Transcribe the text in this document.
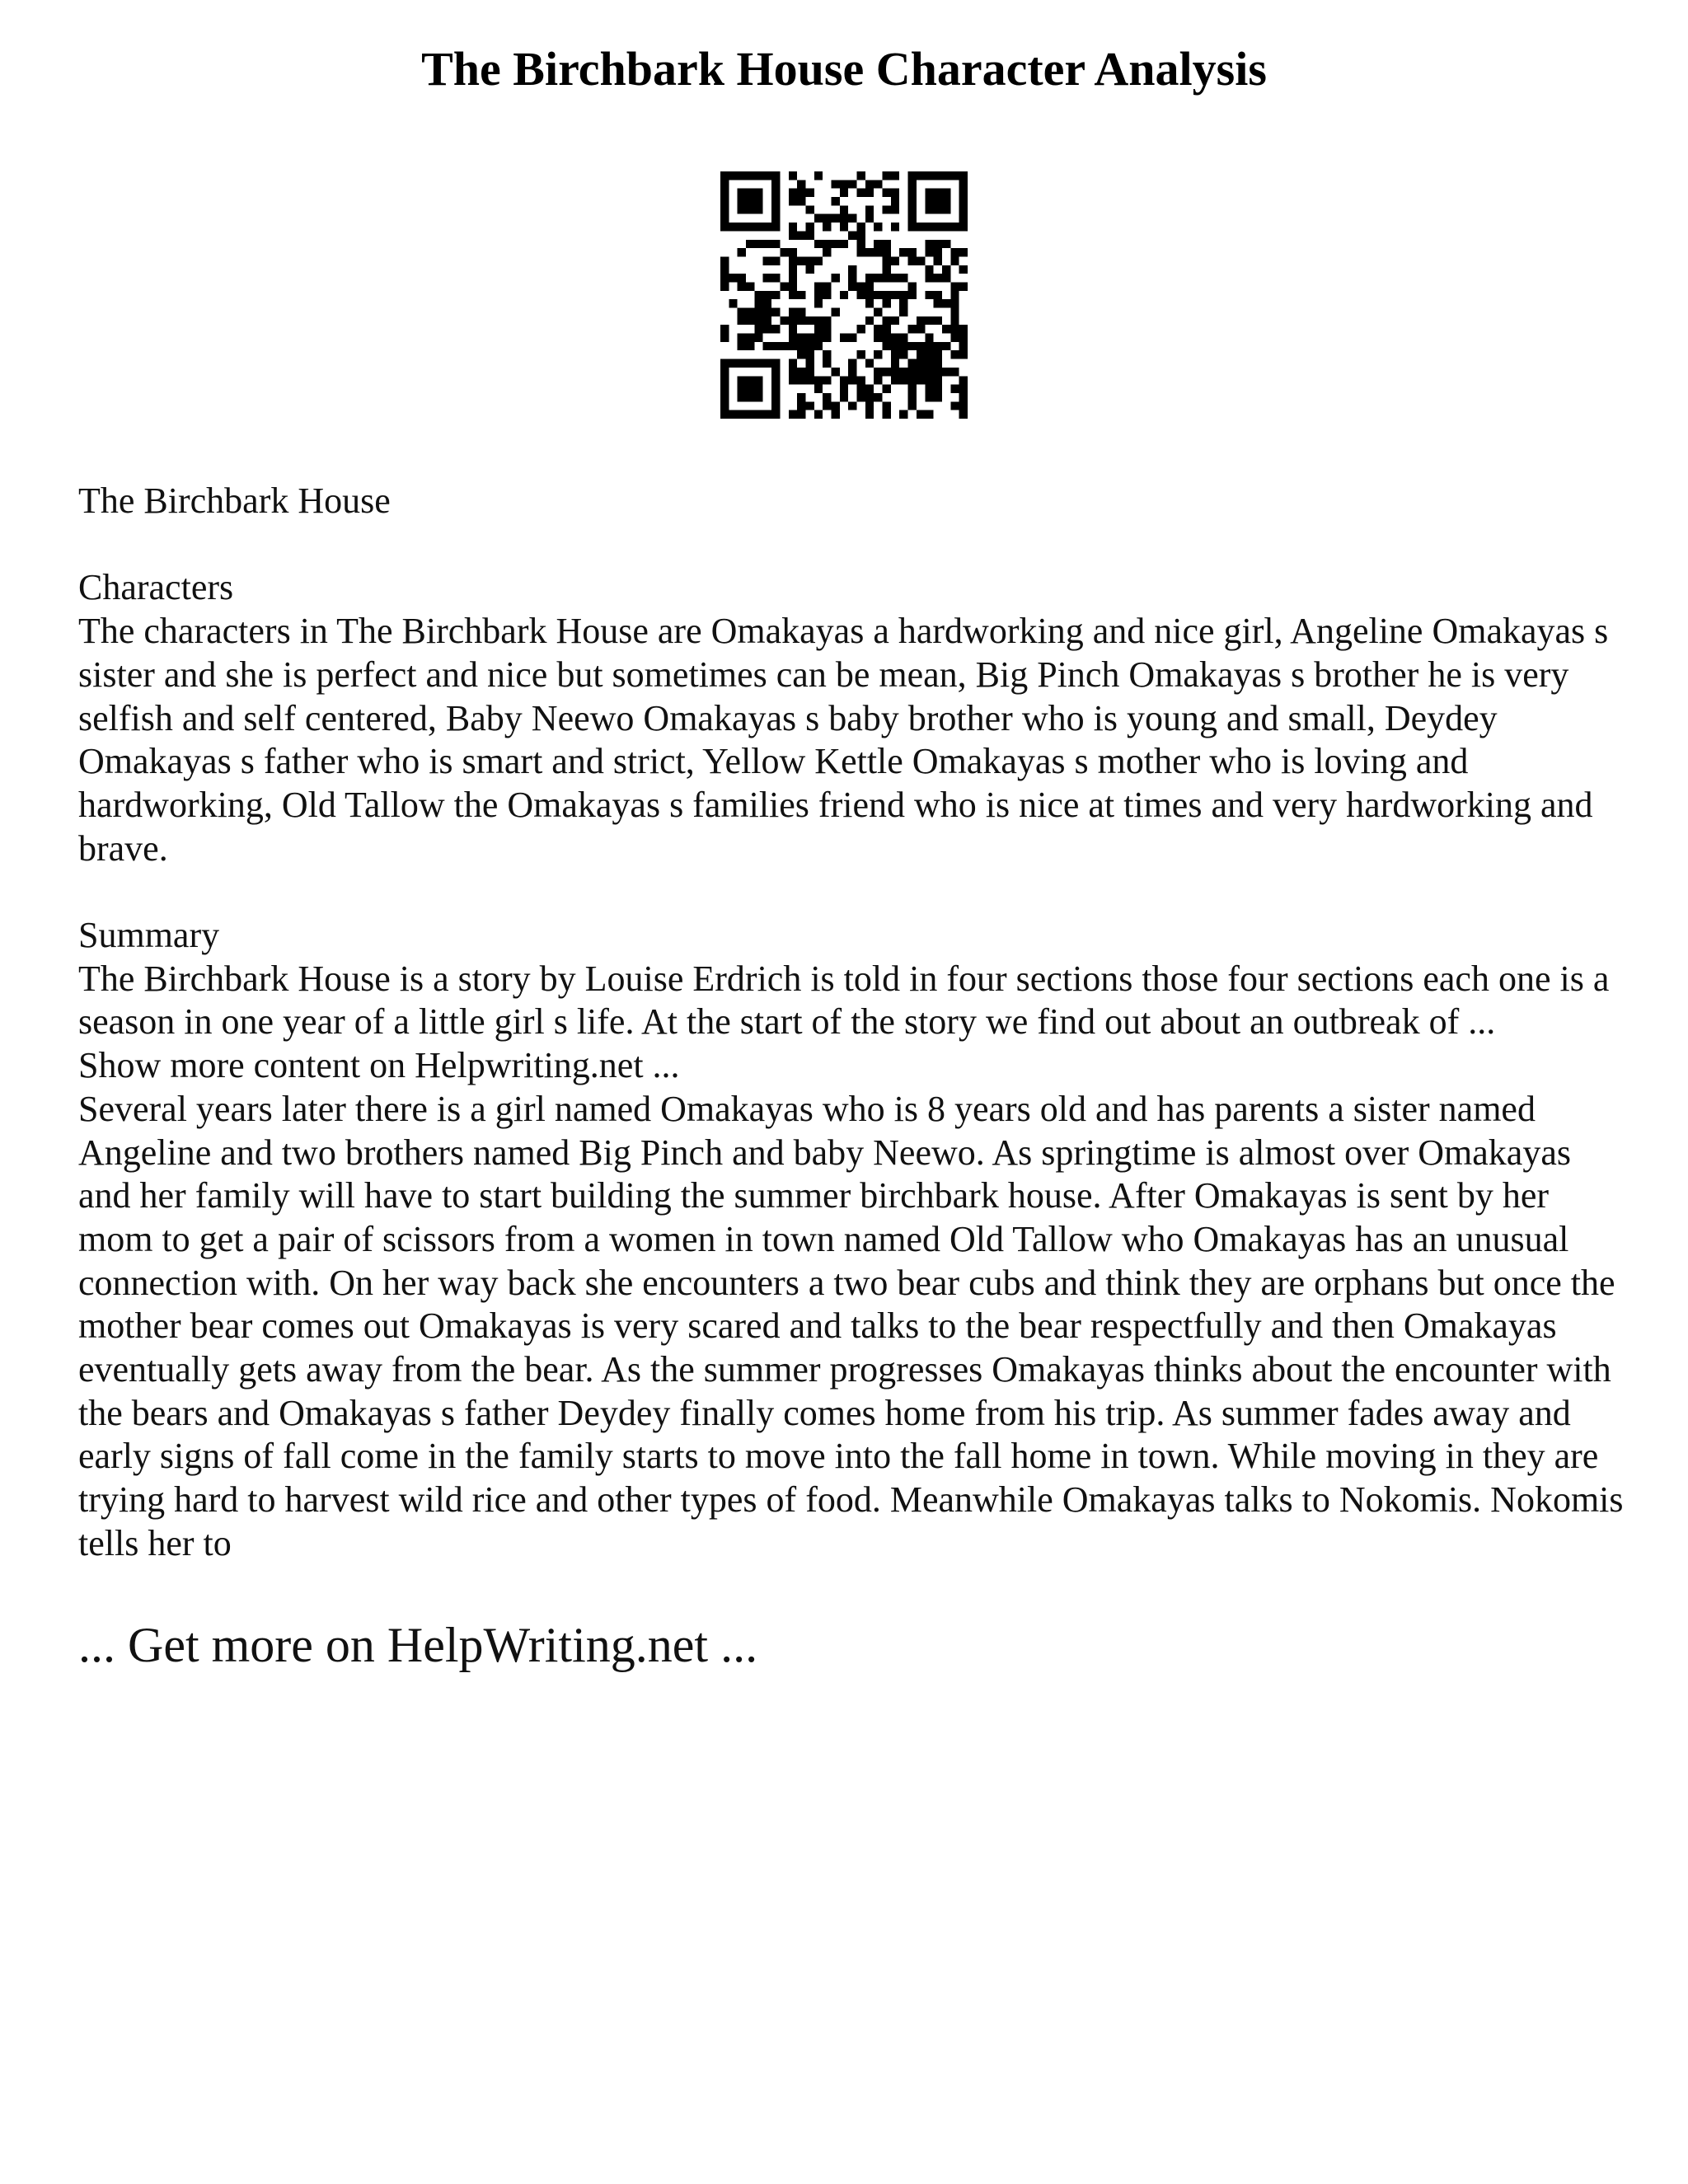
The Birchbark House Character Analysis

The Birchbark House

Characters

The characters in The Birchbark House are Omakayas a hardworking and nice girl, Angeline Omakayas s sister and she is perfect and nice but sometimes can be mean, Big Pinch Omakayas s brother he is very selfish and self centered, Baby Neewo Omakayas s baby brother who is young and small, Deydey Omakayas s father who is smart and strict, Yellow Kettle Omakayas s mother who is loving and hardworking, Old Tallow the Omakayas s families friend who is nice at times and very hardworking and brave.

Summary

The Birchbark House is a story by Louise Erdrich is told in four sections those four sections each one is a season in one year of a little girl s life. At the start of the story we find out about an outbreak of ...

Show more content on Helpwriting.net ...

Several years later there is a girl named Omakayas who is 8 years old and has parents a sister named Angeline and two brothers named Big Pinch and baby Neewo. As springtime is almost over Omakayas and her family will have to start building the summer birchbark house. After Omakayas is sent by her mom to get a pair of scissors from a women in town named Old Tallow who Omakayas has an unusual connection with. On her way back she encounters a two bear cubs and think they are orphans but once the mother bear comes out Omakayas is very scared and talks to the bear respectfully and then Omakayas eventually gets away from the bear. As the summer progresses Omakayas thinks about the encounter with the bears and Omakayas s father Deydey finally comes home from his trip. As summer fades away and early signs of fall come in the family starts to move into the fall home in town. While moving in they are trying hard to harvest wild rice and other types of food. Meanwhile Omakayas talks to Nokomis. Nokomis tells her to

... Get more on HelpWriting.net ...
